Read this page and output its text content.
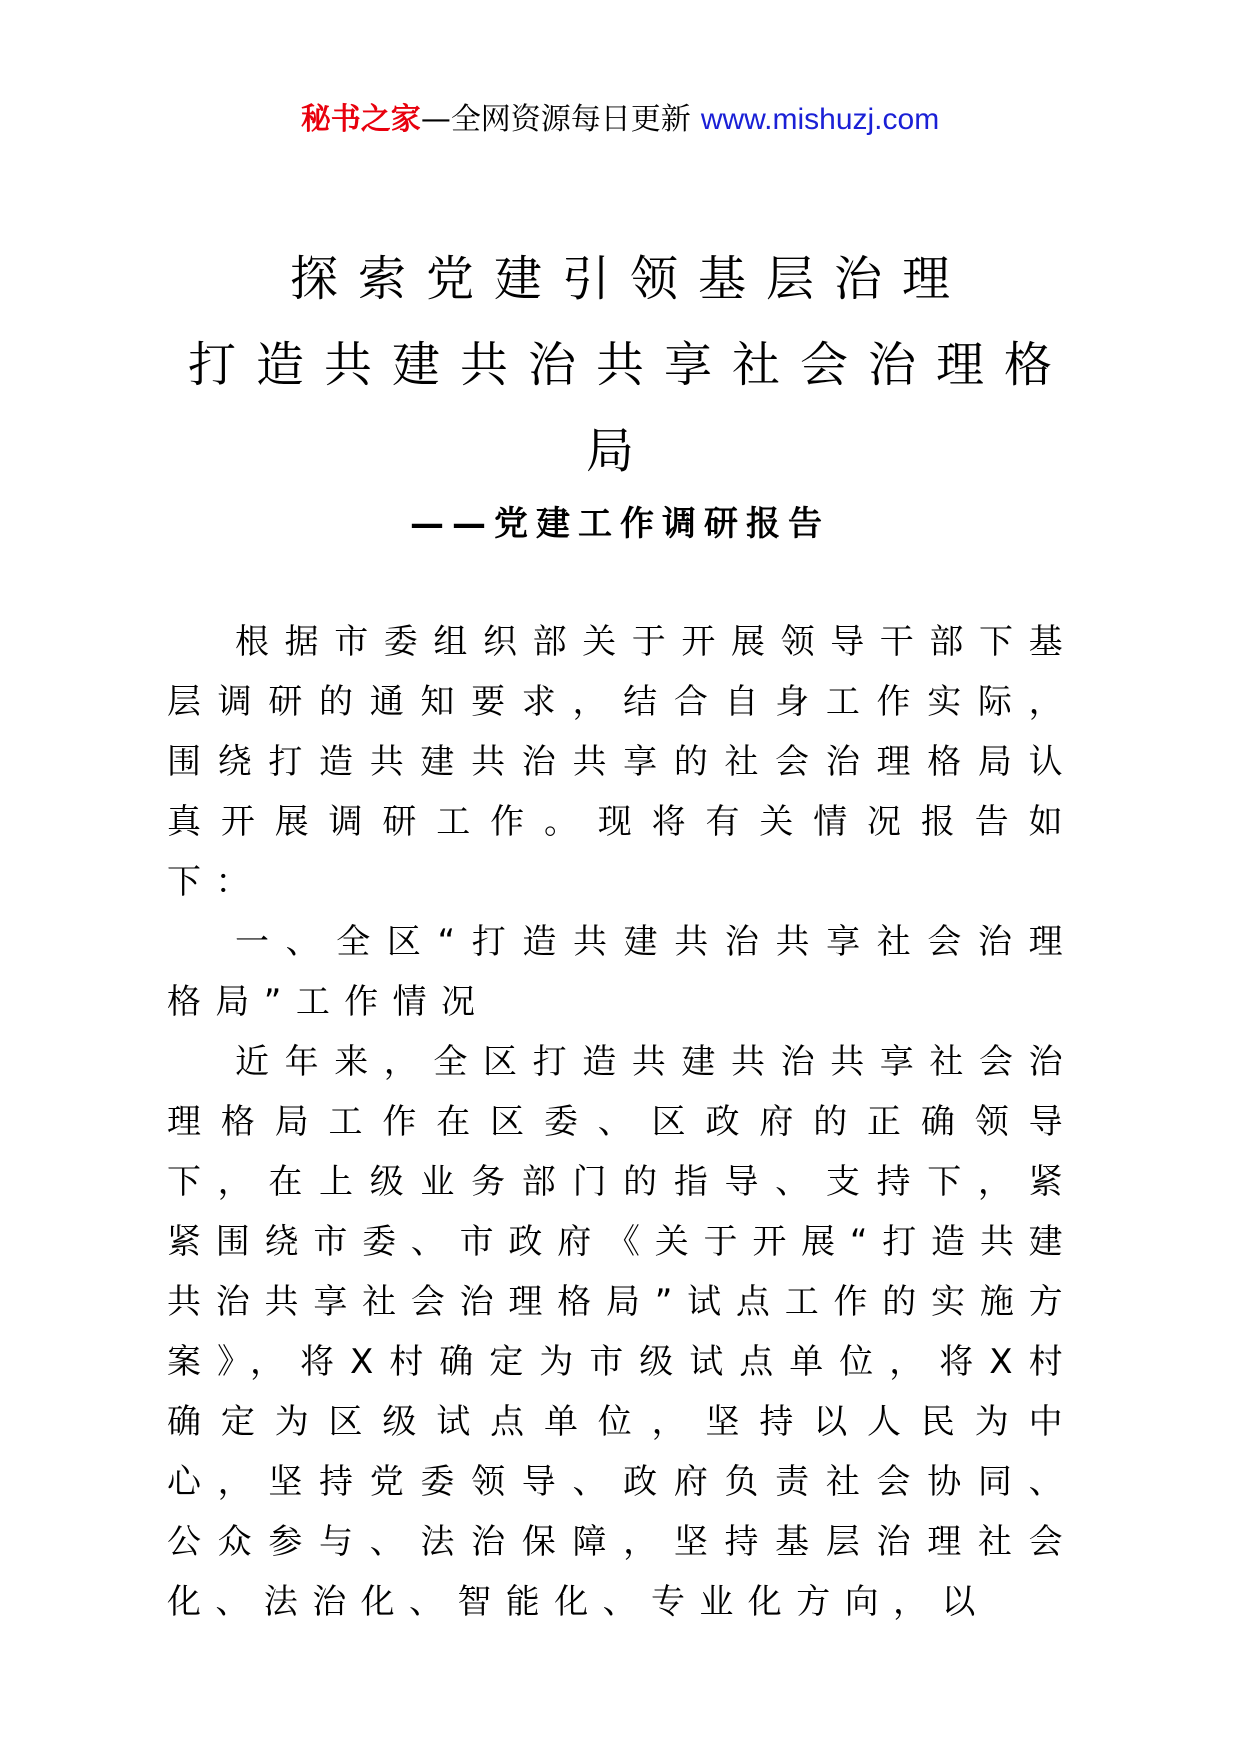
秘书之家—全网资源每日更新 www.mishuzj.com
探索党建引领基层治理
打造共建共治共享社会治理格
局
——党建工作调研报告

根据市委组织部关于开展领导干部下基层调研的通知要求，结合自身工作实际，围绕打造共建共治共享的社会治理格局认真开展调研工作。现将有关情况报告如下：

一、全区“打造共建共治共享社会治理格局”工作情况

近年来，全区打造共建共治共享社会治理格局工作在区委、区政府的正确领导下，在上级业务部门的指导、支持下，紧紧围绕市委、市政府《关于开展“打造共建共治共享社会治理格局”试点工作的实施方案》，将X村确定为市级试点单位，将X村确定为区级试点单位，坚持以人民为中心，坚持党委领导、政府负责社会协同、公众参与、法治保障，坚持基层治理社会化、法治化、智能化、专业化方向，以
